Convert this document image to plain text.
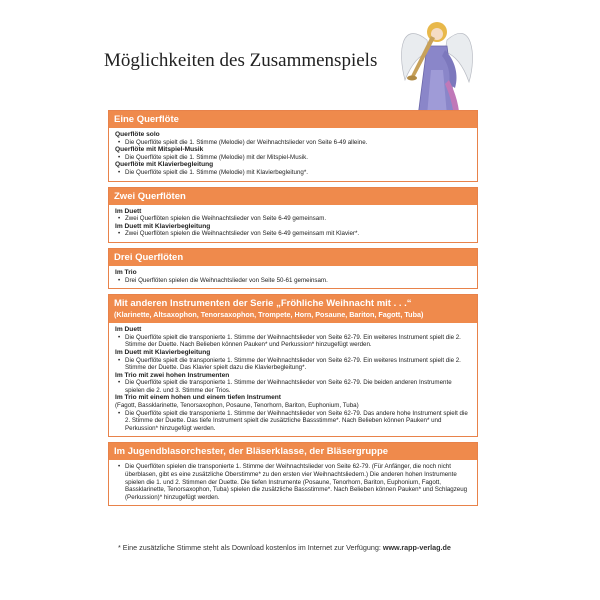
Möglichkeiten des Zusammenspiels
Eine Querflöte
Querflöte solo
• Die Querflöte spielt die 1. Stimme (Melodie) der Weihnachtslieder von Seite 6-49 alleine.
Querflöte mit Mitspiel-Musik
• Die Querflöte spielt die 1. Stimme (Melodie) mit der Mitspiel-Musik.
Querflöte mit Klavierbegleitung
• Die Querflöte spielt die 1. Stimme (Melodie) mit Klavierbegleitung*.
Zwei Querflöten
Im Duett
• Zwei Querflöten spielen die Weihnachtslieder von Seite 6-49 gemeinsam.
Im Duett mit Klavierbegleitung
• Zwei Querflöten spielen die Weihnachtslieder von Seite 6-49 gemeinsam mit Klavier*.
Drei Querflöten
Im Trio
• Drei Querflöten spielen die Weihnachtslieder von Seite 50-61 gemeinsam.
Mit anderen Instrumenten der Serie „Fröhliche Weihnacht mit . . .“
(Klarinette, Altsaxophon, Tenorsaxophon, Trompete, Horn, Posaune, Bariton, Fagott, Tuba)
Im Duett
• Die Querflöte spielt die transponierte 1. Stimme der Weihnachtslieder von Seite 62-79. Ein weiteres Instrument spielt die 2. Stimme der Duette. Nach Belieben können Pauken* und Perkussion* hinzugefügt werden.
Im Duett mit Klavierbegleitung
• Die Querflöte spielt die transponierte 1. Stimme der Weihnachtslieder von Seite 62-79. Ein weiteres Instrument spielt die 2. Stimme der Duette. Das Klavier spielt dazu die Klavierbegleitung*.
Im Trio mit zwei hohen Instrumenten
• Die Querflöte spielt die transponierte 1. Stimme der Weihnachtslieder von Seite 62-79. Die beiden anderen Instrumente spielen die 2. und 3. Stimme der Trios.
Im Trio mit einem hohen und einem tiefen Instrument
(Fagott, Bassklarinette, Tenorsaxophon, Posaune, Tenorhorn, Bariton, Euphonium, Tuba)
• Die Querflöte spielt die transponierte 1. Stimme der Weihnachtslieder von Seite 62-79. Das andere hohe Instrument spielt die 2. Stimme der Duette. Das tiefe Instrument spielt die zusätzliche Bassstimme*. Nach Belieben können Pauken* und Perkussion* hinzugefügt werden.
Im Jugendblasorchester, der Bläserklasse, der Bläsergruppe
• Die Querflöten spielen die transponierte 1. Stimme der Weihnachtslieder von Seite 62-79. (Für Anfänger, die noch nicht überblasen, gibt es eine zusätzliche Oberstimme* zu den ersten vier Weihnachtsliedern.) Die anderen hohen Instrumente spielen die 1. und 2. Stimmen der Duette. Die tiefen Instrumente (Posaune, Tenorhorn, Bariton, Euphonium, Fagott, Bassklarinette, Tenorsaxophon, Tuba) spielen die zusätzliche Bassstimme*. Nach Belieben können Pauken* und Schlagzeug (Perkussion)* hinzugefügt werden.
* Eine zusätzliche Stimme steht als Download kostenlos im Internet zur Verfügung: www.rapp-verlag.de
